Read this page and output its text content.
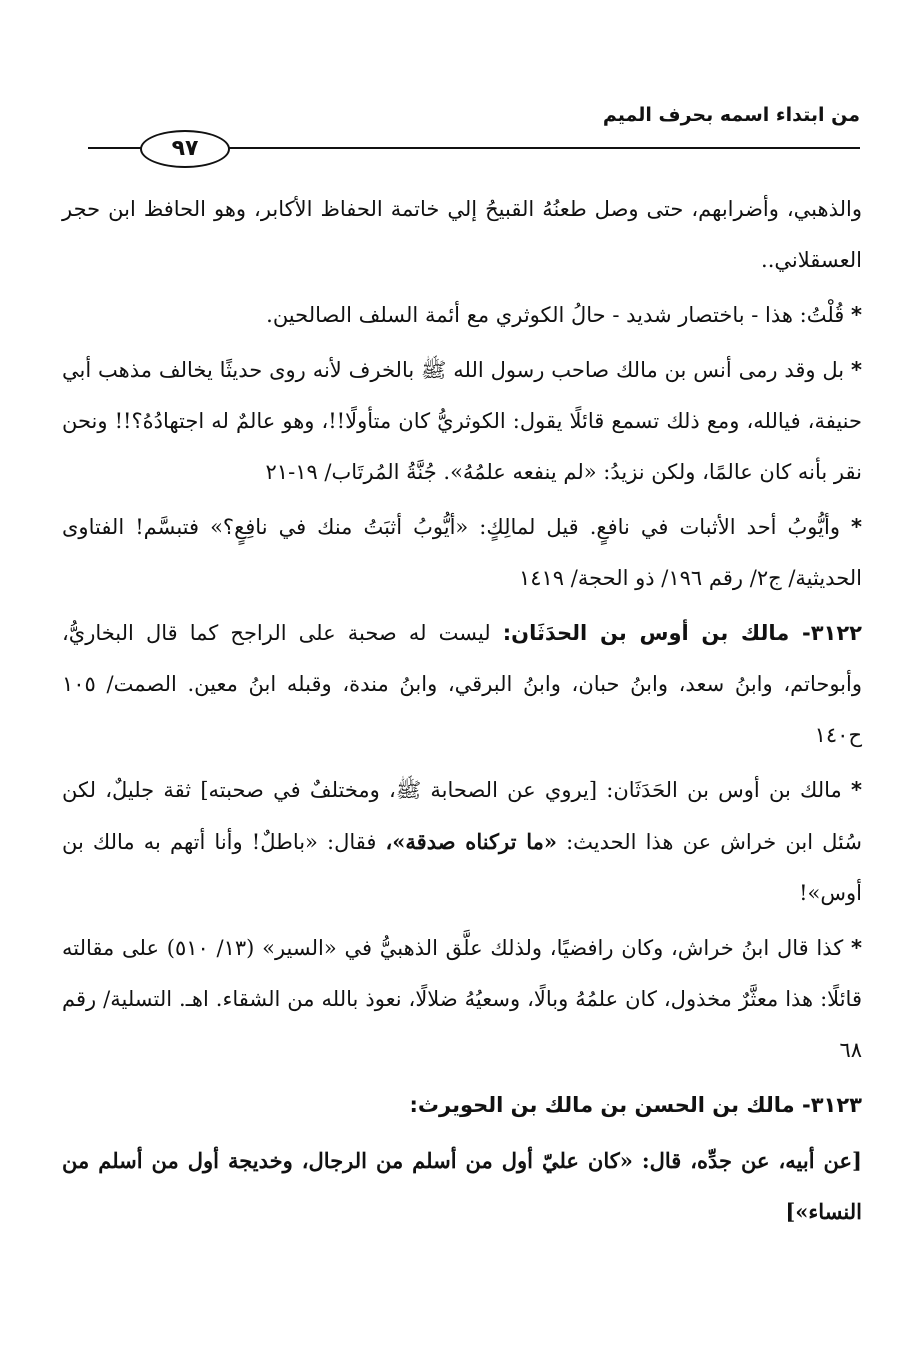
من ابتداء اسمه بحرف الميم
٩٧

والذهبي، وأضرابهم، حتى وصل طعنُهُ القبيحُ إلي خاتمة الحفاظ الأكابر، وهو الحافظ ابن حجر العسقلاني..

* قُلْتُ: هذا - باختصار شديد - حالُ الكوثري مع أئمة السلف الصالحين.

* بل وقد رمى أنس بن مالك صاحب رسول الله ﷺ بالخرف لأنه روى حديثًا يخالف مذهب أبي حنيفة، فيالله، ومع ذلك تسمع قائلًا يقول: الكوثريُّ كان متأولًا!!، وهو عالمٌ له اجتهادُهُ؟!! ونحن نقر بأنه كان عالمًا، ولكن نزيدُ: «لم ينفعه علمُهُ». جُنَّةُ المُرتَاب/ ١٩-٢١

* وأيُّوبُ أحد الأثبات في نافعٍ. قيل لمالِكٍ: «أيُّوبُ أثبَتُ منك في نافِعٍ؟» فتبسَّم! الفتاوى الحديثية/ ج٢/ رقم ١٩٦/ ذو الحجة/ ١٤١٩

٣١٢٢- مالك بن أوس بن الحدَثَان: ليست له صحبة على الراجح كما قال البخاريُّ، وأبوحاتم، وابنُ سعد، وابنُ حبان، وابنُ البرقي، وابنُ مندة، وقبله ابنُ معين. الصمت/ ١٠٥ ح١٤٠

* مالك بن أوس بن الحَدَثَان: [يروي عن الصحابة ﷺ، ومختلفٌ في صحبته] ثقة جليلٌ، لكن سُئل ابن خراش عن هذا الحديث: «ما تركناه صدقة»، فقال: «باطلٌ! وأنا أتهم به مالك بن أوس»!

* كذا قال ابنُ خراش، وكان رافضيًا، ولذلك علَّق الذهبيُّ في «السير» (١٣/ ٥١٠) على مقالته قائلًا: هذا معثَّرٌ مخذول، كان علمُهُ وبالًا، وسعيُهُ ضلالًا، نعوذ بالله من الشقاء. اهـ. التسلية/ رقم ٦٨

٣١٢٣- مالك بن الحسن بن مالك بن الحويرث:

[عن أبيه، عن جدِّه، قال: «كان عليّ أول من أسلم من الرجال، وخديجة أول من أسلم من النساء»]
